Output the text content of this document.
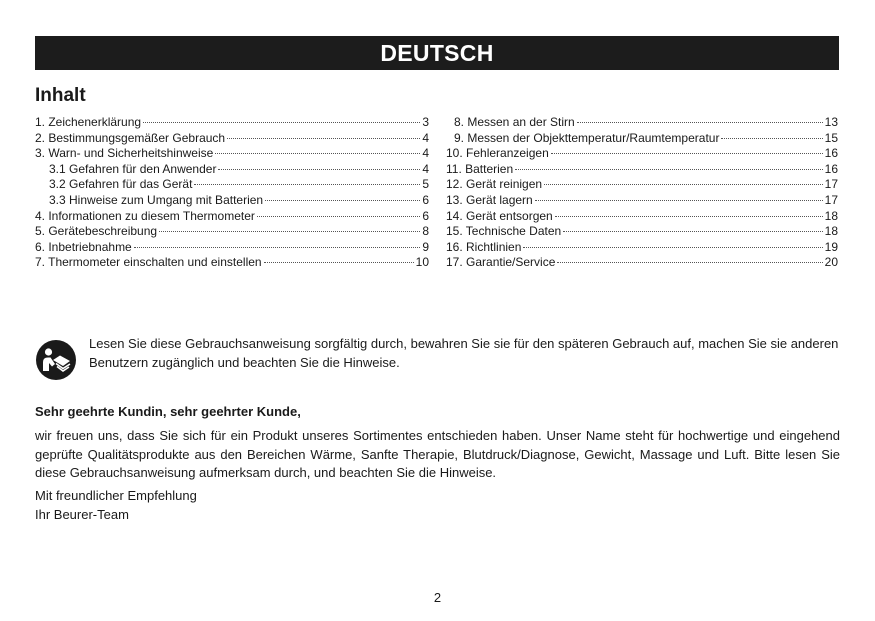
DEUTSCH
Inhalt
1. Zeichenerklärung	3
2. Bestimmungsgemäßer Gebrauch	4
3. Warn- und Sicherheitshinweise	4
3.1 Gefahren für den Anwender	4
3.2 Gefahren für das Gerät	5
3.3 Hinweise zum Umgang mit Batterien	6
4. Informationen zu diesem Thermometer	6
5. Gerätebeschreibung	8
6. Inbetriebnahme	9
7. Thermometer einschalten und einstellen	10
8. Messen an der Stirn	13
9. Messen der Objekttemperatur/Raumtemperatur	15
10. Fehleranzeigen	16
11. Batterien	16
12. Gerät reinigen	17
13. Gerät lagern	17
14. Gerät entsorgen	18
15. Technische Daten	18
16. Richtlinien	19
17. Garantie/Service	20
Lesen Sie diese Gebrauchsanweisung sorgfältig durch, bewahren Sie sie für den späteren Gebrauch auf, machen Sie sie anderen Benutzern zugänglich und beachten Sie die Hinweise.
Sehr geehrte Kundin, sehr geehrter Kunde,
wir freuen uns, dass Sie sich für ein Produkt unseres Sortimentes entschieden haben. Unser Name steht für hochwertige und eingehend geprüfte Qualitätsprodukte aus den Bereichen Wärme, Sanfte Therapie, Blutdruck/Diagnose, Gewicht, Massage und Luft. Bitte lesen Sie diese Gebrauchsanweisung aufmerksam durch, und beachten Sie die Hinweise.
Mit freundlicher Empfehlung
Ihr Beurer-Team
2
